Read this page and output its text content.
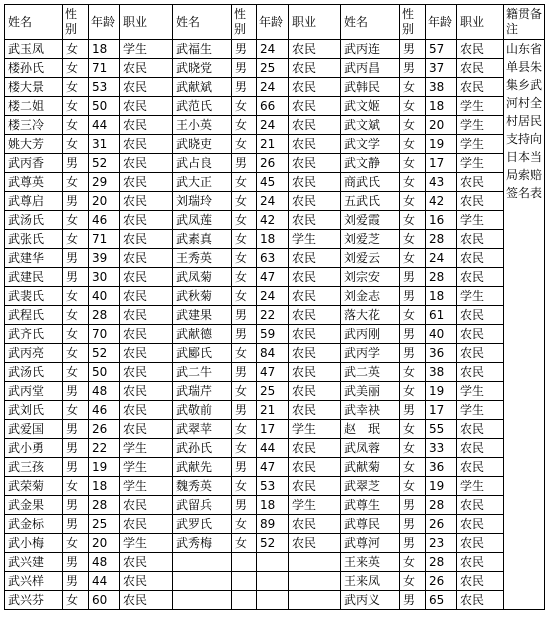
姓名	性别	年龄	职业	姓名	性别	年龄	职业	姓名	性别	年龄	职业	籍贯备注
武玉凤	女	18	学生	武福生	男	24	农民	武丙连	男	57	农民	山东省单县朱集乡武河村全村居民支持向日本当局索赔签名表
楼孙氏	女	71	农民	武晓党	男	25	农民	武丙昌	男	37	农民	
楼大景	女	53	农民	武献斌	男	24	农民	武韩民	女	38	农民	
楼二姐	女	50	农民	武范氏	女	66	农民	武文姬	女	18	学生	
楼三冷	女	44	农民	王小英	女	24	农民	武文斌	女	20	学生	
姚大芳	女	31	农民	武晓吏	女	21	农民	武文学	女	19	学生	
武丙香	男	52	农民	武占良	男	26	农民	武文静	女	17	学生	
武尊英	女	29	农民	武大正	女	45	农民	商武氏	女	43	农民	
武尊启	男	20	农民	刘瑞玲	女	24	农民	五武氏	女	42	农民	
武汤氏	女	46	农民	武凤莲	女	42	农民	刘爱霞	女	16	学生	
武张氏	女	71	农民	武素真	女	18	学生	刘爱芝	女	28	农民	
武建华	男	39	农民	王秀英	女	63	农民	刘爱云	女	24	农民	
武建民	男	30	农民	武凤菊	女	47	农民	刘宗安	男	28	农民	
武裴氏	女	40	农民	武秋菊	女	24	农民	刘金志	男	18	学生	
武程氏	女	28	农民	武建果	男	22	农民	落大花	女	61	农民	
武齐氏	女	70	农民	武献德	男	59	农民	武丙刚	男	40	农民	
武丙亮	女	52	农民	武郾氏	女	84	农民	武丙学	男	36	农民	
武汤氏	女	50	农民	武二牛	男	47	农民	武二英	女	38	农民	
武丙堂	男	48	农民	武瑞芹	女	25	农民	武美丽	女	19	学生	
武刘氏	女	46	农民	武敬前	男	21	农民	武幸袂	男	17	学生	
武爱国	男	26	农民	武翠苹	女	17	学生	赵　珉	女	55	农民	
武小勇	男	22	学生	武孙氏	女	44	农民	武凤蓉	女	33	农民	
武三孩	男	19	学生	武献先	男	47	农民	武献菊	女	36	农民	
武荣菊	女	18	学生	魏秀英	女	53	农民	武翠芝	女	19	学生	
武金果	男	28	农民	武留兵	男	18	学生	武尊生	男	28	农民	
武金标	男	25	农民	武罗氏	女	89	农民	武尊民	男	26	农民	
武小梅	女	20	学生	武秀梅	女	52	农民	武尊河	男	23	农民	
武兴建	男	48	农民					王来英	女	28	农民	
武兴样	男	44	农民					王来凤	女	26	农民	
武兴芬	女	60	农民					武丙义	男	65	农民	
